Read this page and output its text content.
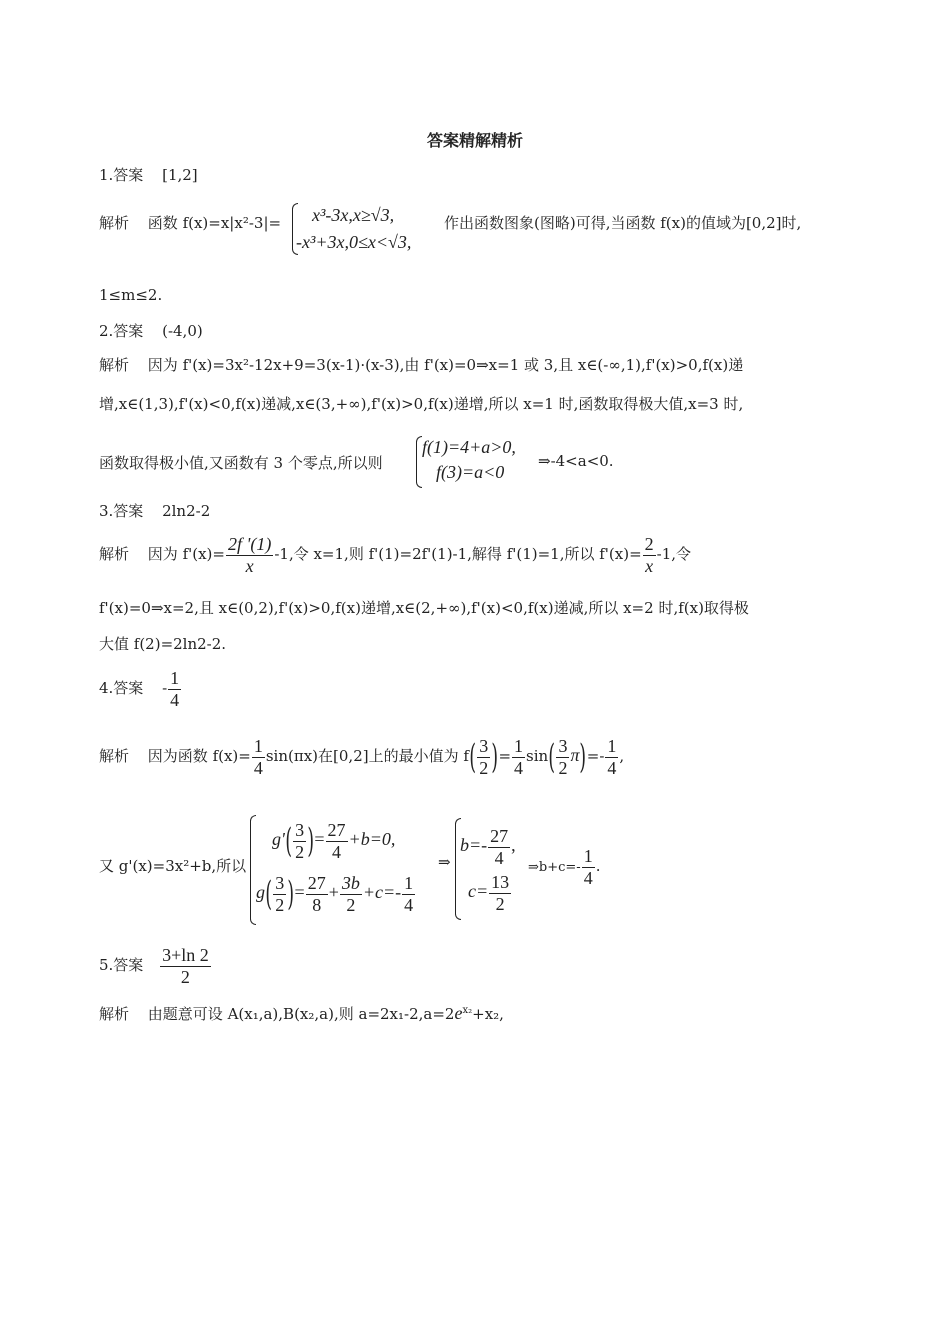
答案精解精析
1.答案 [1,2]
解析 函数 f(x)=x|x²-3|= x³-3x,x≥√3,
-x³+3x,0≤x<√3,
作出函数图象(图略)可得,当函数 f(x)的值域为[0,2]时,
1≤m≤2.
2.答案 (-4,0)
解析 因为 f'(x)=3x²-12x+9=3(x-1)·(x-3),由 f'(x)=0⇒x=1 或 3,且 x∈(-∞,1),f'(x)>0,f(x)递
增,x∈(1,3),f'(x)<0,f(x)递减,x∈(3,+∞),f'(x)>0,f(x)递增,所以 x=1 时,函数取得极大值,x=3 时,
函数取得极小值,又函数有 3 个零点,所以则
f(1)=4+a>0,
f(3)=a<0
⇒-4<a<0.
3.答案 2ln2-2
解析 因为 $f'(x)= \frac{2f '(1)}{x} -1$,令 x=1,则 f'(1)=2f'(1)-1,解得 f'(1)=1,所以 $f'(x)= \frac{2}{x} -1$,令
f'(x)=0⇒x=2,且 x∈(0,2),f'(x)>0,f(x)递增,x∈(2,+∞),f'(x)<0,f(x)递减,所以 x=2 时,f(x)取得极
大值 f(2)=2ln2-2.
4.答案 - $\frac{1}{4}$
解析 因为函数 $f(x)= \frac{1}{4} \sin(\pi x)$在[0,2]上的最小值为 $f( \frac{3}{2}$ )= $\frac{1}{4} \sin( \frac{3}{2} \pi)=- \frac{1}{4}$ ,
又 g'(x)=3x²+b,所以
$g'( \frac{3}{2}$ )= $\frac{27}{4} +b=0$,
$g( \frac{3}{2}$ )= $\frac{27}{8} + \frac{3b}{2} +c=- \frac{1}{4}$
⇒
$b=- \frac{27}{4}$ ,
$c= \frac{13}{2}$
⇒b+c=- $\frac{1}{4}$ .
5.答案 $\frac{3+\ln 2}{2}$
解析 由题意可设 A(x₁,a),B(x₂,a),则 $a=2x_1-2,a=2e^{x_2}+x_2$,
